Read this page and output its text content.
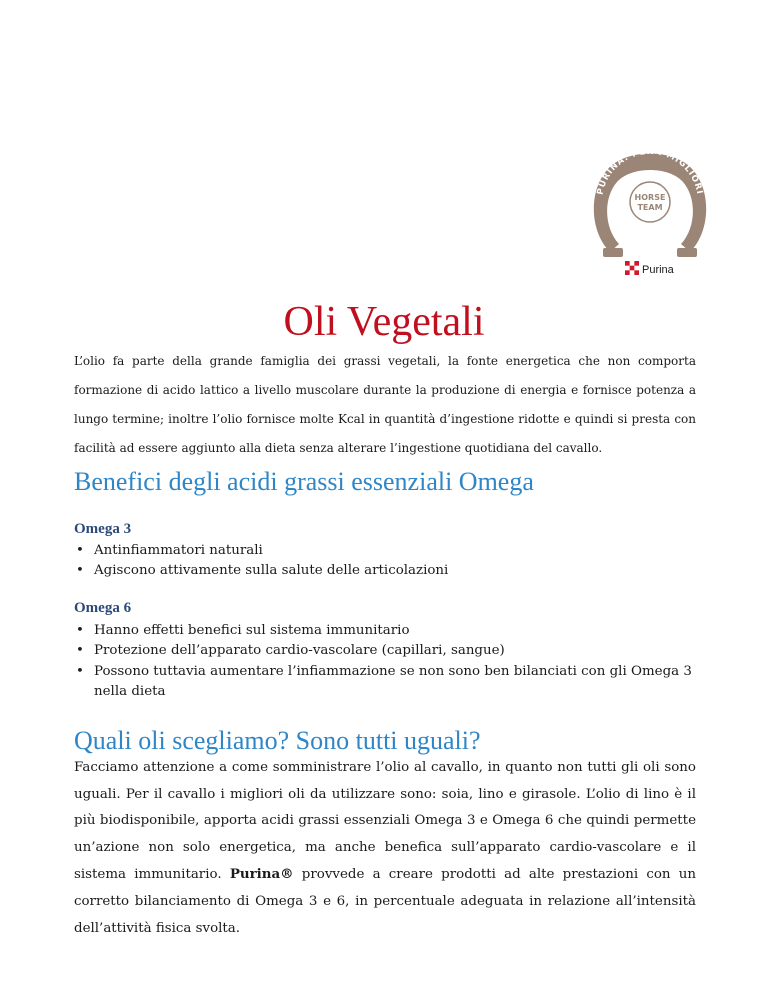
PURINA. PER I MIGLIORI
HORSE
TEAM
Purina
Oli Vegetali
L’olio fa parte della grande famiglia dei grassi vegetali, la fonte energetica che non comporta formazione di acido lattico a livello muscolare durante la produzione di energia e fornisce potenza a lungo termine; inoltre l’olio fornisce molte Kcal in quantità d’ingestione ridotte e quindi si presta con facilità ad essere aggiunto alla dieta senza alterare l’ingestione quotidiana del cavallo.
Benefici degli acidi grassi essenziali Omega
Omega 3
• Antinfiammatori naturali
• Agiscono attivamente sulla salute delle articolazioni
Omega 6
• Hanno effetti benefici sul sistema immunitario
• Protezione dell’apparato cardio-vascolare (capillari, sangue)
• Possono tuttavia aumentare l’infiammazione se non sono ben bilanciati con gli Omega 3 nella dieta
Quali oli scegliamo? Sono tutti uguali?
Facciamo attenzione a come somministrare l’olio al cavallo, in quanto non tutti gli oli sono uguali. Per il cavallo i migliori oli da utilizzare sono: soia, lino e girasole. L’olio di lino è il più biodisponibile, apporta acidi grassi essenziali Omega 3 e Omega 6 che quindi permette un’azione non solo energetica, ma anche benefica sull’apparato cardio-vascolare e il sistema immunitario. Purina® provvede a creare prodotti ad alte prestazioni con un corretto bilanciamento di Omega 3 e 6, in percentuale adeguata in relazione all’intensità dell’attività fisica svolta.
